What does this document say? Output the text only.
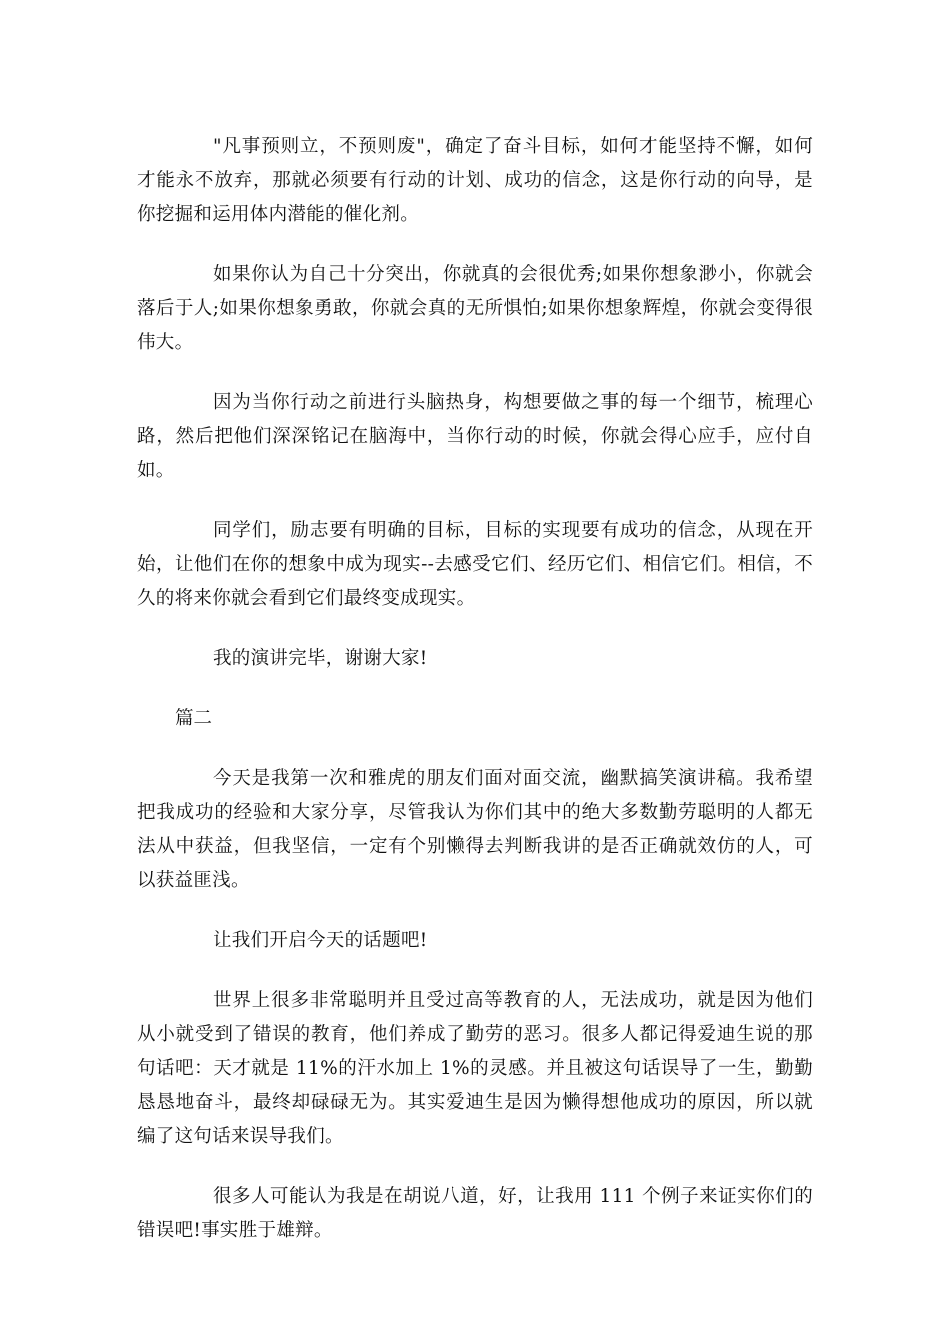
"凡事预则立，不预则废"，确定了奋斗目标，如何才能坚持不懈，如何才能永不放弃，那就必须要有行动的计划、成功的信念，这是你行动的向导，是你挖掘和运用体内潜能的催化剂。

如果你认为自己十分突出，你就真的会很优秀;如果你想象渺小，你就会落后于人;如果你想象勇敢，你就会真的无所惧怕;如果你想象辉煌，你就会变得很伟大。

因为当你行动之前进行头脑热身，构想要做之事的每一个细节，梳理心路，然后把他们深深铭记在脑海中，当你行动的时候，你就会得心应手，应付自如。

同学们，励志要有明确的目标，目标的实现要有成功的信念，从现在开始，让他们在你的想象中成为现实--去感受它们、经历它们、相信它们。相信，不久的将来你就会看到它们最终变成现实。

我的演讲完毕，谢谢大家!

篇二

今天是我第一次和雅虎的朋友们面对面交流，幽默搞笑演讲稿。我希望把我成功的经验和大家分享，尽管我认为你们其中的绝大多数勤劳聪明的人都无法从中获益，但我坚信，一定有个别懒得去判断我讲的是否正确就效仿的人，可以获益匪浅。

让我们开启今天的话题吧!

世界上很多非常聪明并且受过高等教育的人，无法成功，就是因为他们从小就受到了错误的教育，他们养成了勤劳的恶习。很多人都记得爱迪生说的那句话吧：天才就是 11%的汗水加上 1%的灵感。并且被这句话误导了一生，勤勤恳恳地奋斗，最终却碌碌无为。其实爱迪生是因为懒得想他成功的原因，所以就编了这句话来误导我们。

很多人可能认为我是在胡说八道，好，让我用 111 个例子来证实你们的错误吧!事实胜于雄辩。
